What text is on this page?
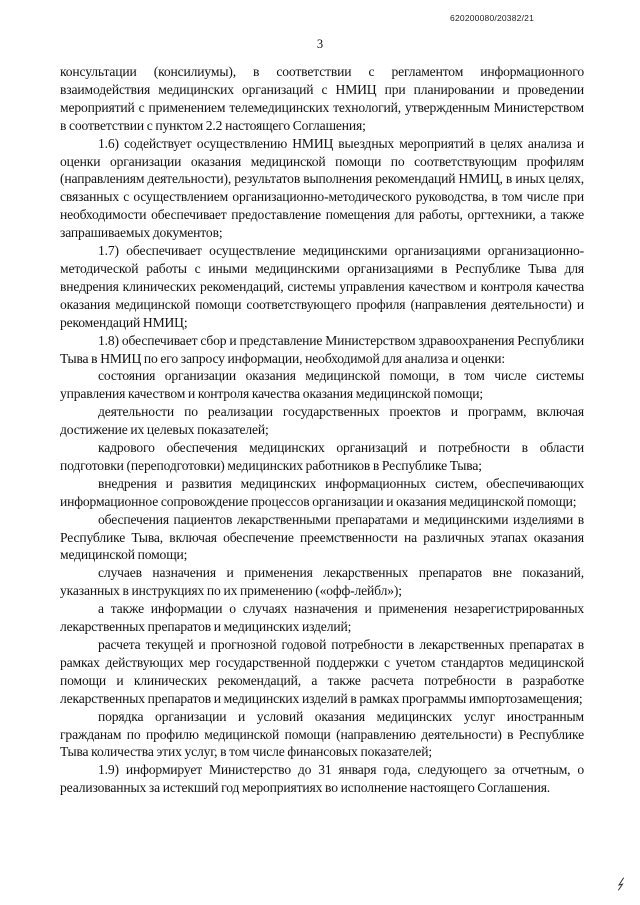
620200080/20382/21
3

консультации (консилиумы), в соответствии с регламентом информационного взаимодействия медицинских организаций с НМИЦ при планировании и проведении мероприятий с применением телемедицинских технологий, утвержденным Министерством в соответствии с пунктом 2.2 настоящего Соглашения;

1.6) содействует осуществлению НМИЦ выездных мероприятий в целях анализа и оценки организации оказания медицинской помощи по соответствующим профилям (направлениям деятельности), результатов выполнения рекомендаций НМИЦ, в иных целях, связанных с осуществлением организационно-методического руководства, в том числе при необходимости обеспечивает предоставление помещения для работы, оргтехники, а также запрашиваемых документов;

1.7) обеспечивает осуществление медицинскими организациями организационно-методической работы с иными медицинскими организациями в Республике Тыва для внедрения клинических рекомендаций, системы управления качеством и контроля качества оказания медицинской помощи соответствующего профиля (направления деятельности) и рекомендаций НМИЦ;

1.8) обеспечивает сбор и представление Министерством здравоохранения Республики Тыва в НМИЦ по его запросу информации, необходимой для анализа и оценки:

состояния организации оказания медицинской помощи, в том числе системы управления качеством и контроля качества оказания медицинской помощи;

деятельности по реализации государственных проектов и программ, включая достижение их целевых показателей;

кадрового обеспечения медицинских организаций и потребности в области подготовки (переподготовки) медицинских работников в Республике Тыва;

внедрения и развития медицинских информационных систем, обеспечивающих информационное сопровождение процессов организации и оказания медицинской помощи;

обеспечения пациентов лекарственными препаратами и медицинскими изделиями в Республике Тыва, включая обеспечение преемственности на различных этапах оказания медицинской помощи;

случаев назначения и применения лекарственных препаратов вне показаний, указанных в инструкциях по их применению («офф-лейбл»);

а также информации о случаях назначения и применения незарегистрированных лекарственных препаратов и медицинских изделий;

расчета текущей и прогнозной годовой потребности в лекарственных препаратах в рамках действующих мер государственной поддержки с учетом стандартов медицинской помощи и клинических рекомендаций, а также расчета потребности в разработке лекарственных препаратов и медицинских изделий в рамках программы импортозамещения;

порядка организации и условий оказания медицинских услуг иностранным гражданам по профилю медицинской помощи (направлению деятельности) в Республике Тыва количества этих услуг, в том числе финансовых показателей;

1.9) информирует Министерство до 31 января года, следующего за отчетным, о реализованных за истекший год мероприятиях во исполнение настоящего Соглашения.
